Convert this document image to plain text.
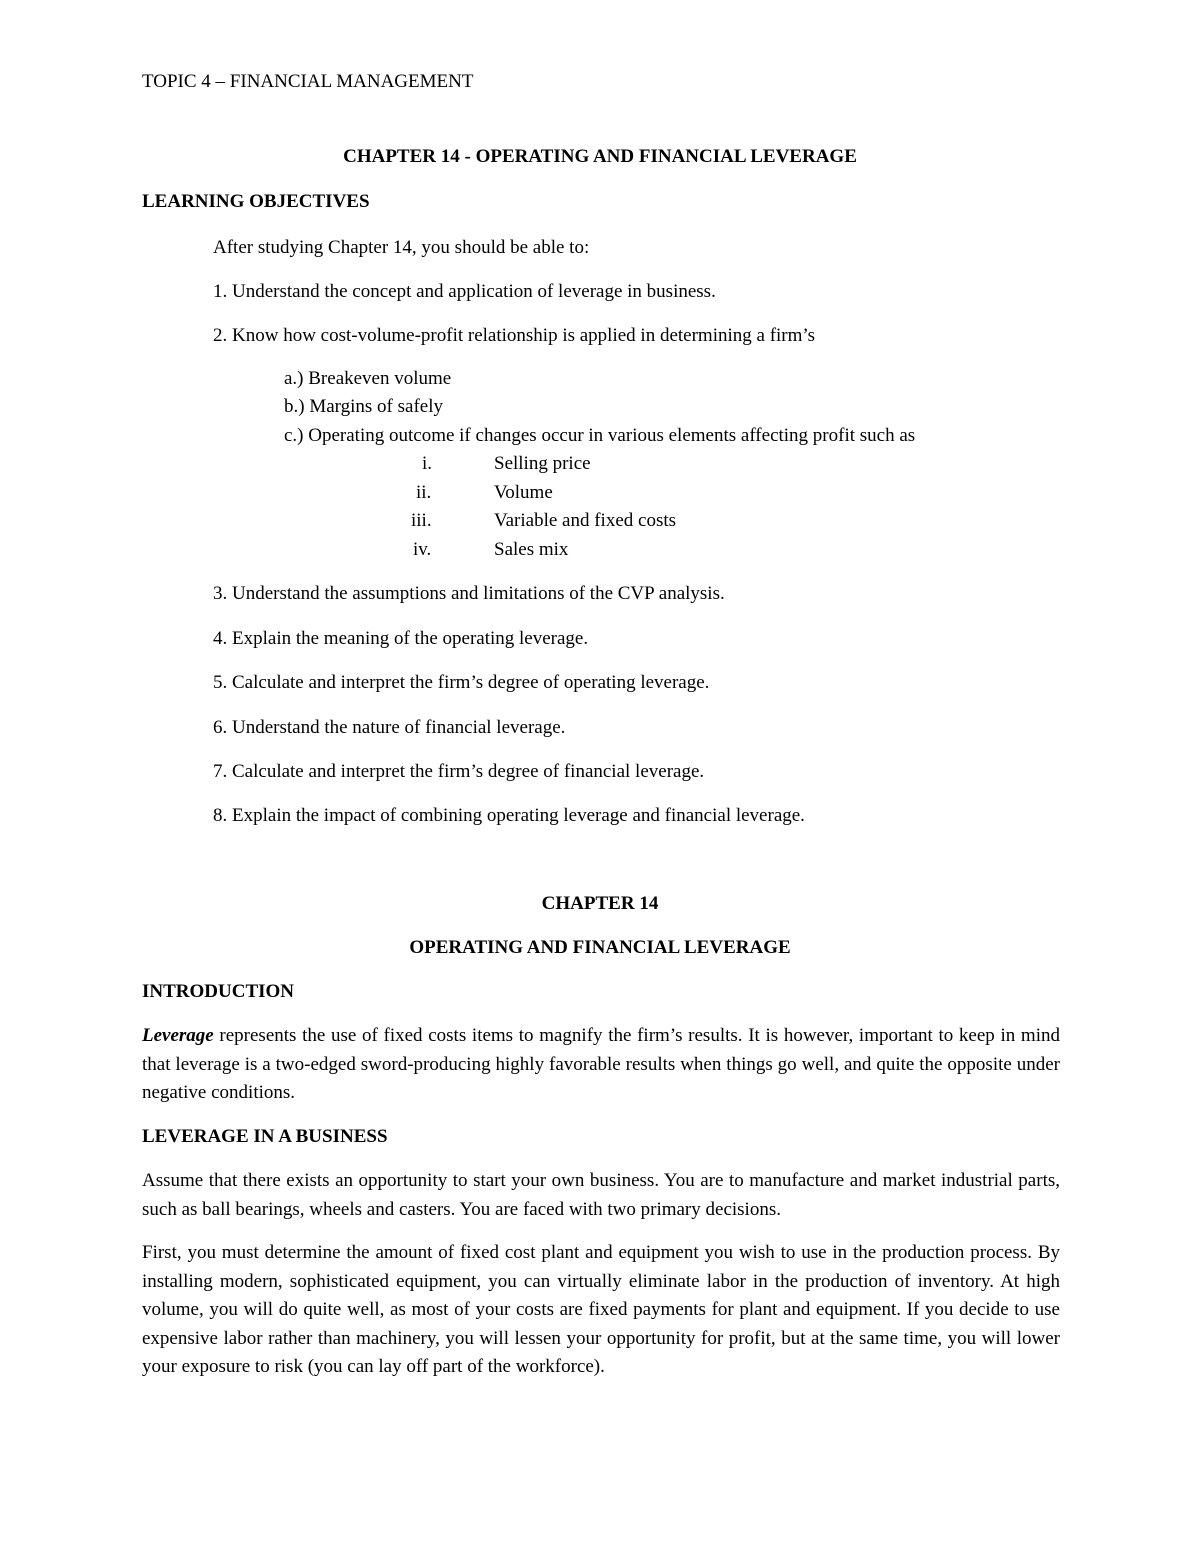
TOPIC 4 – FINANCIAL MANAGEMENT
CHAPTER 14 - OPERATING AND FINANCIAL LEVERAGE
LEARNING OBJECTIVES
After studying Chapter 14, you should be able to:
1. Understand the concept and application of leverage in business.
2. Know how cost-volume-profit relationship is applied in determining a firm’s
a.) Breakeven volume
b.) Margins of safely
c.) Operating outcome if changes occur in various elements affecting profit such as
i.	Selling price
ii.	Volume
iii.	Variable and fixed costs
iv.	Sales mix
3. Understand the assumptions and limitations of the CVP analysis.
4. Explain the meaning of the operating leverage.
5. Calculate and interpret the firm’s degree of operating leverage.
6. Understand the nature of financial leverage.
7. Calculate and interpret the firm’s degree of financial leverage.
8. Explain the impact of combining operating leverage and financial leverage.
CHAPTER 14
OPERATING AND FINANCIAL LEVERAGE
INTRODUCTION
Leverage represents the use of fixed costs items to magnify the firm’s results. It is however, important to keep in mind that leverage is a two-edged sword-producing highly favorable results when things go well, and quite the opposite under negative conditions.
LEVERAGE IN A BUSINESS
Assume that there exists an opportunity to start your own business. You are to manufacture and market industrial parts, such as ball bearings, wheels and casters. You are faced with two primary decisions.
First, you must determine the amount of fixed cost plant and equipment you wish to use in the production process. By installing modern, sophisticated equipment, you can virtually eliminate labor in the production of inventory. At high volume, you will do quite well, as most of your costs are fixed payments for plant and equipment. If you decide to use expensive labor rather than machinery, you will lessen your opportunity for profit, but at the same time, you will lower your exposure to risk (you can lay off part of the workforce).
